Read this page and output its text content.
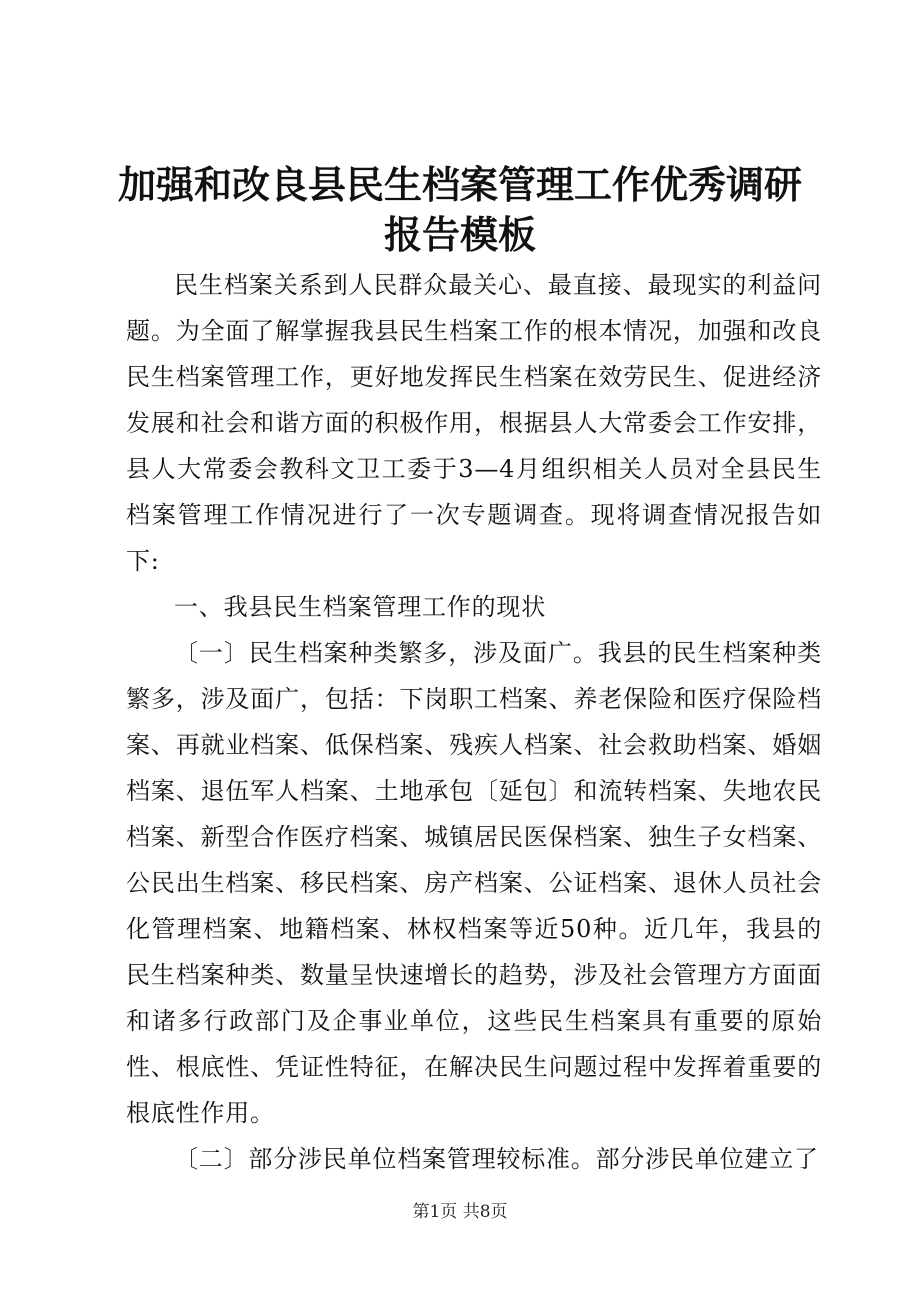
加强和改良县民生档案管理工作优秀调研报告模板

民生档案关系到人民群众最关心、最直接、最现实的利益问题。为全面了解掌握我县民生档案工作的根本情况，加强和改良民生档案管理工作，更好地发挥民生档案在效劳民生、促进经济发展和社会和谐方面的积极作用，根据县人大常委会工作安排，县人大常委会教科文卫工委于3—4月组织相关人员对全县民生档案管理工作情况进行了一次专题调查。现将调查情况报告如下:

一、我县民生档案管理工作的现状

〔一〕民生档案种类繁多，涉及面广。我县的民生档案种类繁多，涉及面广，包括：下岗职工档案、养老保险和医疗保险档案、再就业档案、低保档案、残疾人档案、社会救助档案、婚姻档案、退伍军人档案、土地承包〔延包〕和流转档案、失地农民档案、新型合作医疗档案、城镇居民医保档案、独生子女档案、公民出生档案、移民档案、房产档案、公证档案、退休人员社会化管理档案、地籍档案、林权档案等近50种。近几年，我县的民生档案种类、数量呈快速增长的趋势，涉及社会管理方方面面和诸多行政部门及企事业单位，这些民生档案具有重要的原始性、根底性、凭证性特征，在解决民生问题过程中发挥着重要的根底性作用。

〔二〕部分涉民单位档案管理较标准。部分涉民单位建立了

第1页 共8页
